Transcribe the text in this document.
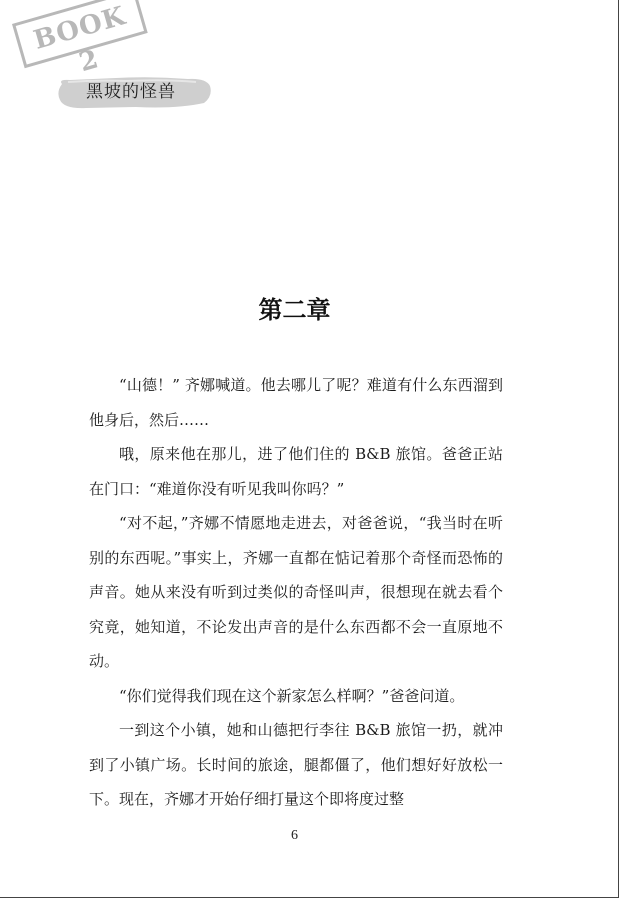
BOOK 2
黑坡的怪兽
第二章

“山德！” 齐娜喊道。他去哪儿了呢？难道有什么东西溜到他身后，然后……

哦，原来他在那儿，进了他们住的 B&B 旅馆。爸爸正站在门口：“难道你没有听见我叫你吗？”

“对不起，”齐娜不情愿地走进去，对爸爸说，“我当时在听别的东西呢。”事实上，齐娜一直都在惦记着那个奇怪而恐怖的声音。她从来没有听到过类似的奇怪叫声，很想现在就去看个究竟，她知道，不论发出声音的是什么东西都不会一直原地不动。

“你们觉得我们现在这个新家怎么样啊？”爸爸问道。

一到这个小镇，她和山德把行李往 B&B 旅馆一扔，就冲到了小镇广场。长时间的旅途，腿都僵了，他们想好好放松一下。现在，齐娜才开始仔细打量这个即将度过整

6
